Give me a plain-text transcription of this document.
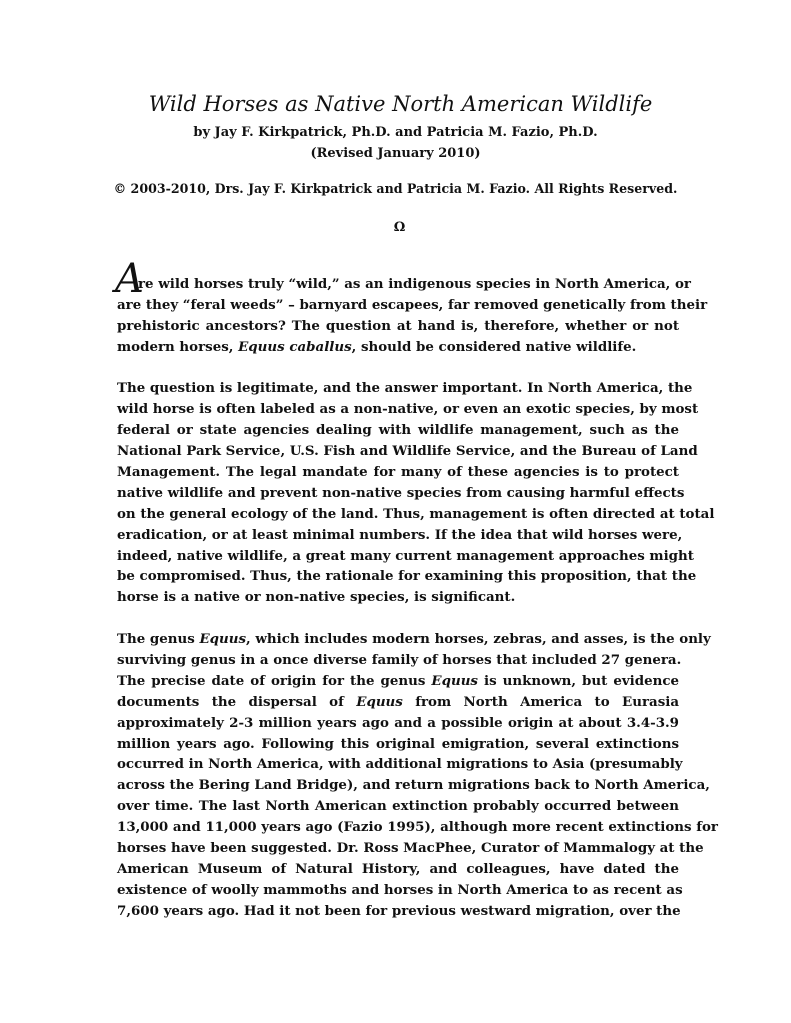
Wild Horses as Native North American Wildlife
by Jay F. Kirkpatrick, Ph.D. and Patricia M. Fazio, Ph.D.
(Revised January 2010)
© 2003-2010, Drs. Jay F. Kirkpatrick and Patricia M. Fazio. All Rights Reserved.
Ω
A
re wild horses truly “wild,” as an indigenous species in North America, or
are they “feral weeds” – barnyard escapees, far removed genetically from their
prehistoric ancestors? The question at hand is, therefore, whether or not
modern horses, Equus caballus, should be considered native wildlife.
The question is legitimate, and the answer important. In North America, the
wild horse is often labeled as a non-native, or even an exotic species, by most
federal or state agencies dealing with wildlife management, such as the
National Park Service, U.S. Fish and Wildlife Service, and the Bureau of Land
Management. The legal mandate for many of these agencies is to protect
native wildlife and prevent non-native species from causing harmful effects
on the general ecology of the land. Thus, management is often directed at total
eradication, or at least minimal numbers. If the idea that wild horses were,
indeed, native wildlife, a great many current management approaches might
be compromised. Thus, the rationale for examining this proposition, that the
horse is a native or non-native species, is significant.
The genus Equus, which includes modern horses, zebras, and asses, is the only
surviving genus in a once diverse family of horses that included 27 genera.
The precise date of origin for the genus Equus is unknown, but evidence
documents the dispersal of Equus from North America to Eurasia
approximately 2-3 million years ago and a possible origin at about 3.4-3.9
million years ago. Following this original emigration, several extinctions
occurred in North America, with additional migrations to Asia (presumably
across the Bering Land Bridge), and return migrations back to North America,
over time. The last North American extinction probably occurred between
13,000 and 11,000 years ago (Fazio 1995), although more recent extinctions for
horses have been suggested. Dr. Ross MacPhee, Curator of Mammalogy at the
American Museum of Natural History, and colleagues, have dated the
existence of woolly mammoths and horses in North America to as recent as
7,600 years ago. Had it not been for previous westward migration, over the
